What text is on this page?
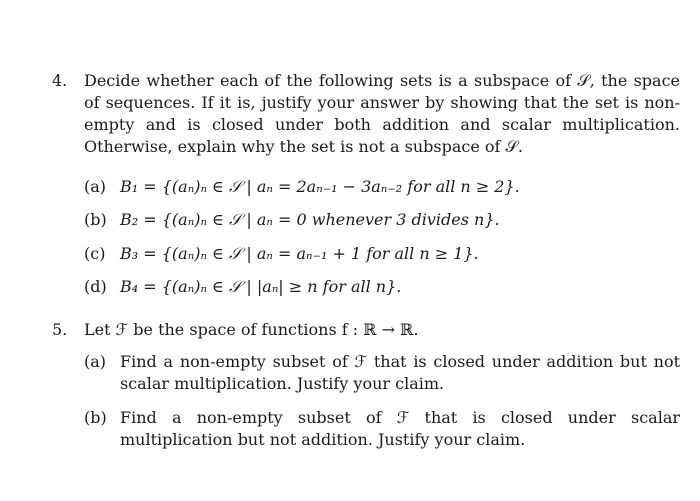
4. Decide whether each of the following sets is a subspace of 𝒮, the space of sequences. If it is, justify your answer by showing that the set is non-empty and is closed under both addition and scalar multiplication. Otherwise, explain why the set is not a subspace of 𝒮.

(a) B₁ = {(aₙ)ₙ ∈ 𝒮 | aₙ = 2aₙ₋₁ − 3aₙ₋₂ for all n ≥ 2}.
(b) B₂ = {(aₙ)ₙ ∈ 𝒮 | aₙ = 0 whenever 3 divides n}.
(c) B₃ = {(aₙ)ₙ ∈ 𝒮 | aₙ = aₙ₋₁ + 1 for all n ≥ 1}.
(d) B₄ = {(aₙ)ₙ ∈ 𝒮 | |aₙ| ≥ n for all n}.
5. Let ℱ be the space of functions f : ℝ → ℝ.

(a) Find a non-empty subset of ℱ that is closed under addition but not scalar multiplication. Justify your claim.
(b) Find a non-empty subset of ℱ that is closed under scalar multiplication but not addition. Justify your claim.
